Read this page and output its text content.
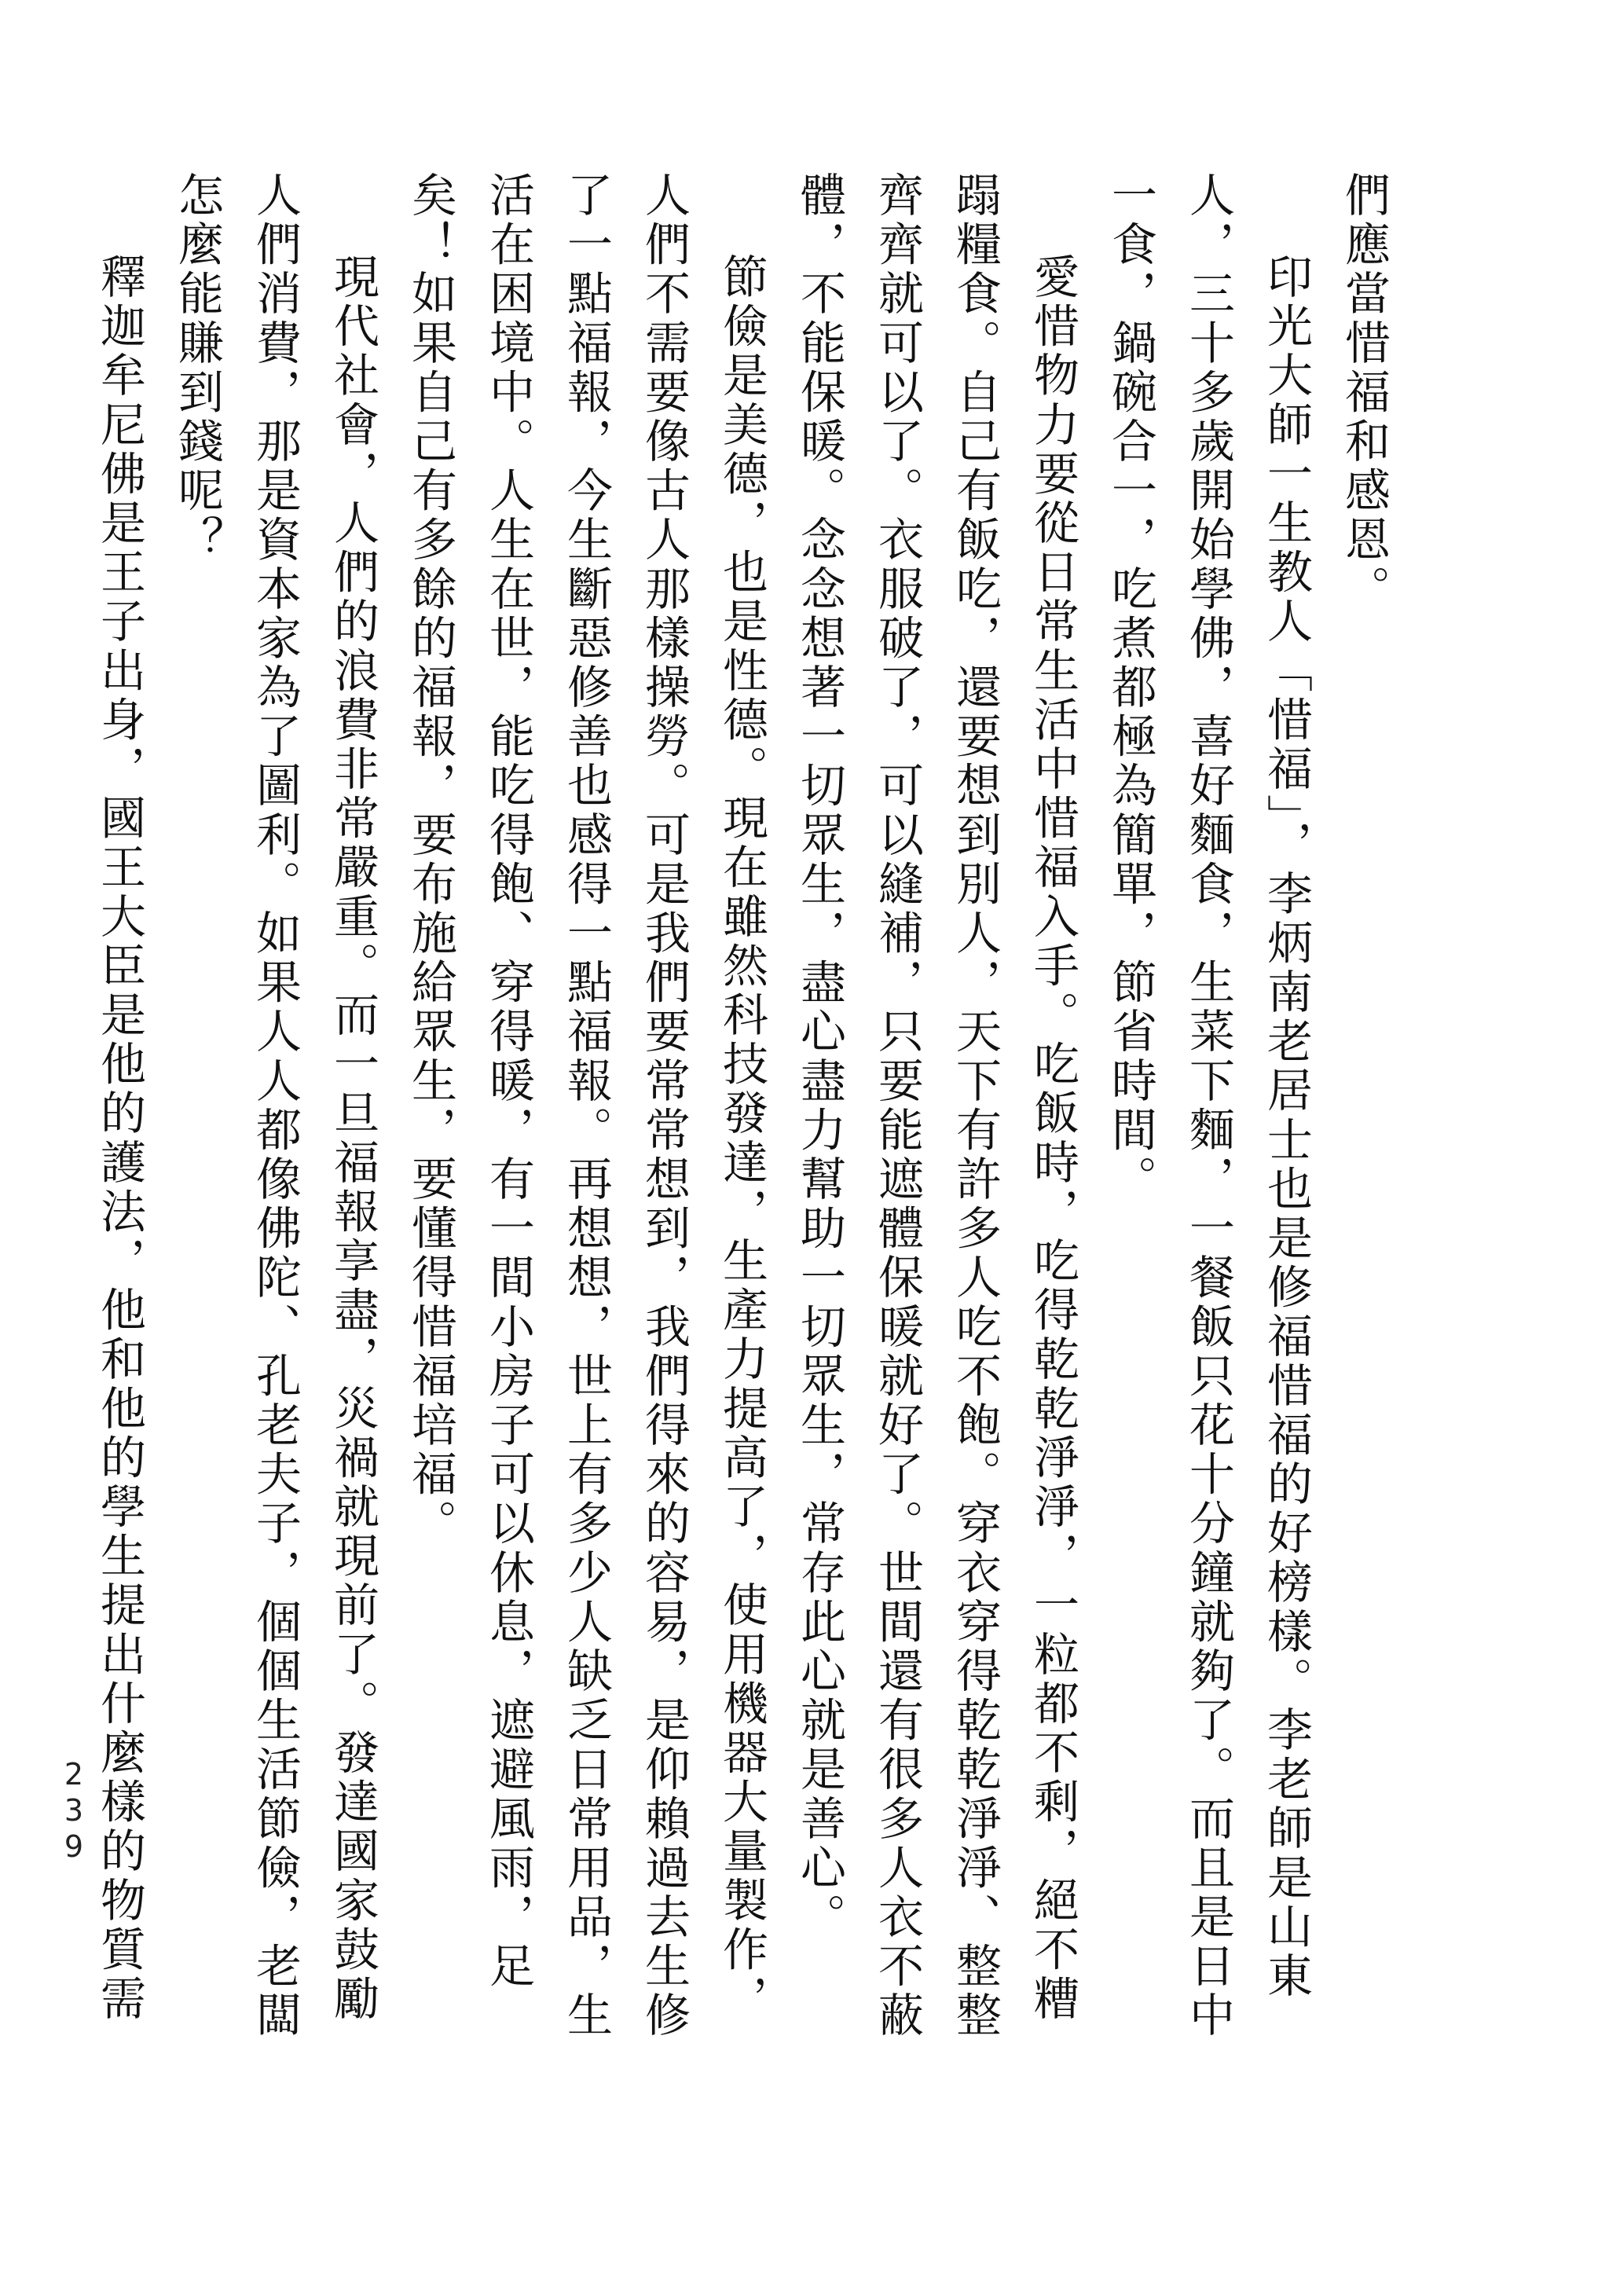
們應當惜福和感恩。
印光大師一生教人「惜福」，李炳南老居士也是修福惜福的好榜樣。李老師是山東
人，三十多歲開始學佛，喜好麵食，生菜下麵，一餐飯只花十分鐘就夠了。而且是日中
一食，鍋碗合一，吃煮都極為簡單，節省時間。
愛惜物力要從日常生活中惜福入手。吃飯時，吃得乾乾淨淨，一粒都不剩，絕不糟
蹋糧食。自己有飯吃，還要想到別人，天下有許多人吃不飽。穿衣穿得乾乾淨淨、整整
齊齊就可以了。衣服破了，可以縫補，只要能遮體保暖就好了。世間還有很多人衣不蔽
體，不能保暖。念念想著一切眾生，盡心盡力幫助一切眾生，常存此心就是善心。
節儉是美德，也是性德。現在雖然科技發達，生產力提高了，使用機器大量製作，
人們不需要像古人那樣操勞。可是我們要常常想到，我們得來的容易，是仰賴過去生修
了一點福報，今生斷惡修善也感得一點福報。再想想，世上有多少人缺乏日常用品，生
活在困境中。人生在世，能吃得飽、穿得暖，有一間小房子可以休息，遮避風雨，足
矣！如果自己有多餘的福報，要布施給眾生，要懂得惜福培福。
現代社會，人們的浪費非常嚴重。而一旦福報享盡，災禍就現前了。發達國家鼓勵
人們消費，那是資本家為了圖利。如果人人都像佛陀、孔老夫子，個個生活節儉，老闆
怎麼能賺到錢呢？
釋迦牟尼佛是王子出身，國王大臣是他的護法，他和他的學生提出什麼樣的物質需
239
